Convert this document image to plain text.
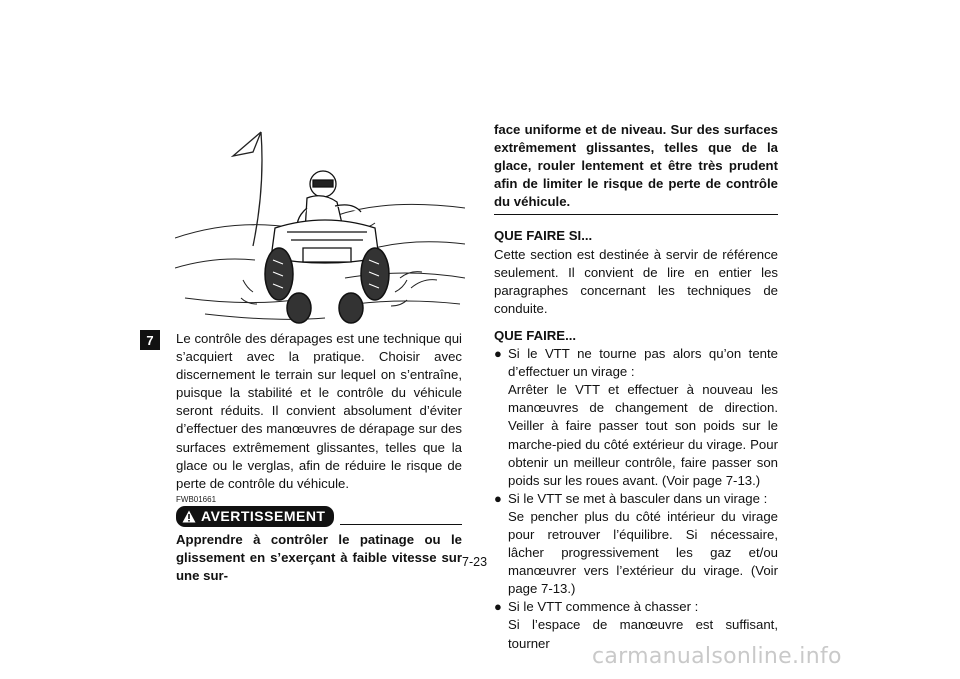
7 Le contrôle des dérapages est une technique qui s’acquiert avec la pratique. Choisir avec discernement le terrain sur lequel on s’entraîne, puisque la stabilité et le contrôle du véhicule seront réduits. Il convient absolument d’éviter d’effectuer des manœuvres de dérapage sur des surfaces extrêmement glissantes, telles que la glace ou le verglas, afin de réduire le risque de perte de contrôle du véhicule.

FWB01661
AVERTISSEMENT

Apprendre à contrôler le patinage ou le glissement en s’exerçant à faible vitesse sur une sur-

face uniforme et de niveau. Sur des surfaces extrêmement glissantes, telles que de la glace, rouler lentement et être très prudent afin de limiter le risque de perte de contrôle du véhicule.

QUE FAIRE SI...

Cette section est destinée à servir de référence seulement. Il convient de lire en entier les paragraphes concernant les techniques de conduite.

QUE FAIRE...

● Si le VTT ne tourne pas alors qu’on tente d’effectuer un virage :

Arrêter le VTT et effectuer à nouveau les manœuvres de changement de direction. Veiller à faire passer tout son poids sur le marche-pied du côté extérieur du virage. Pour obtenir un meilleur contrôle, faire passer son poids sur les roues avant. (Voir page 7-13.)

● Si le VTT se met à basculer dans un virage :

Se pencher plus du côté intérieur du virage pour retrouver l’équilibre. Si nécessaire, lâcher progressivement les gaz et/ou manœuvrer vers l’extérieur du virage. (Voir page 7-13.)

● Si le VTT commence à chasser :

Si l’espace de manœuvre est suffisant, tourner

7-23
carmanualsonline.info
